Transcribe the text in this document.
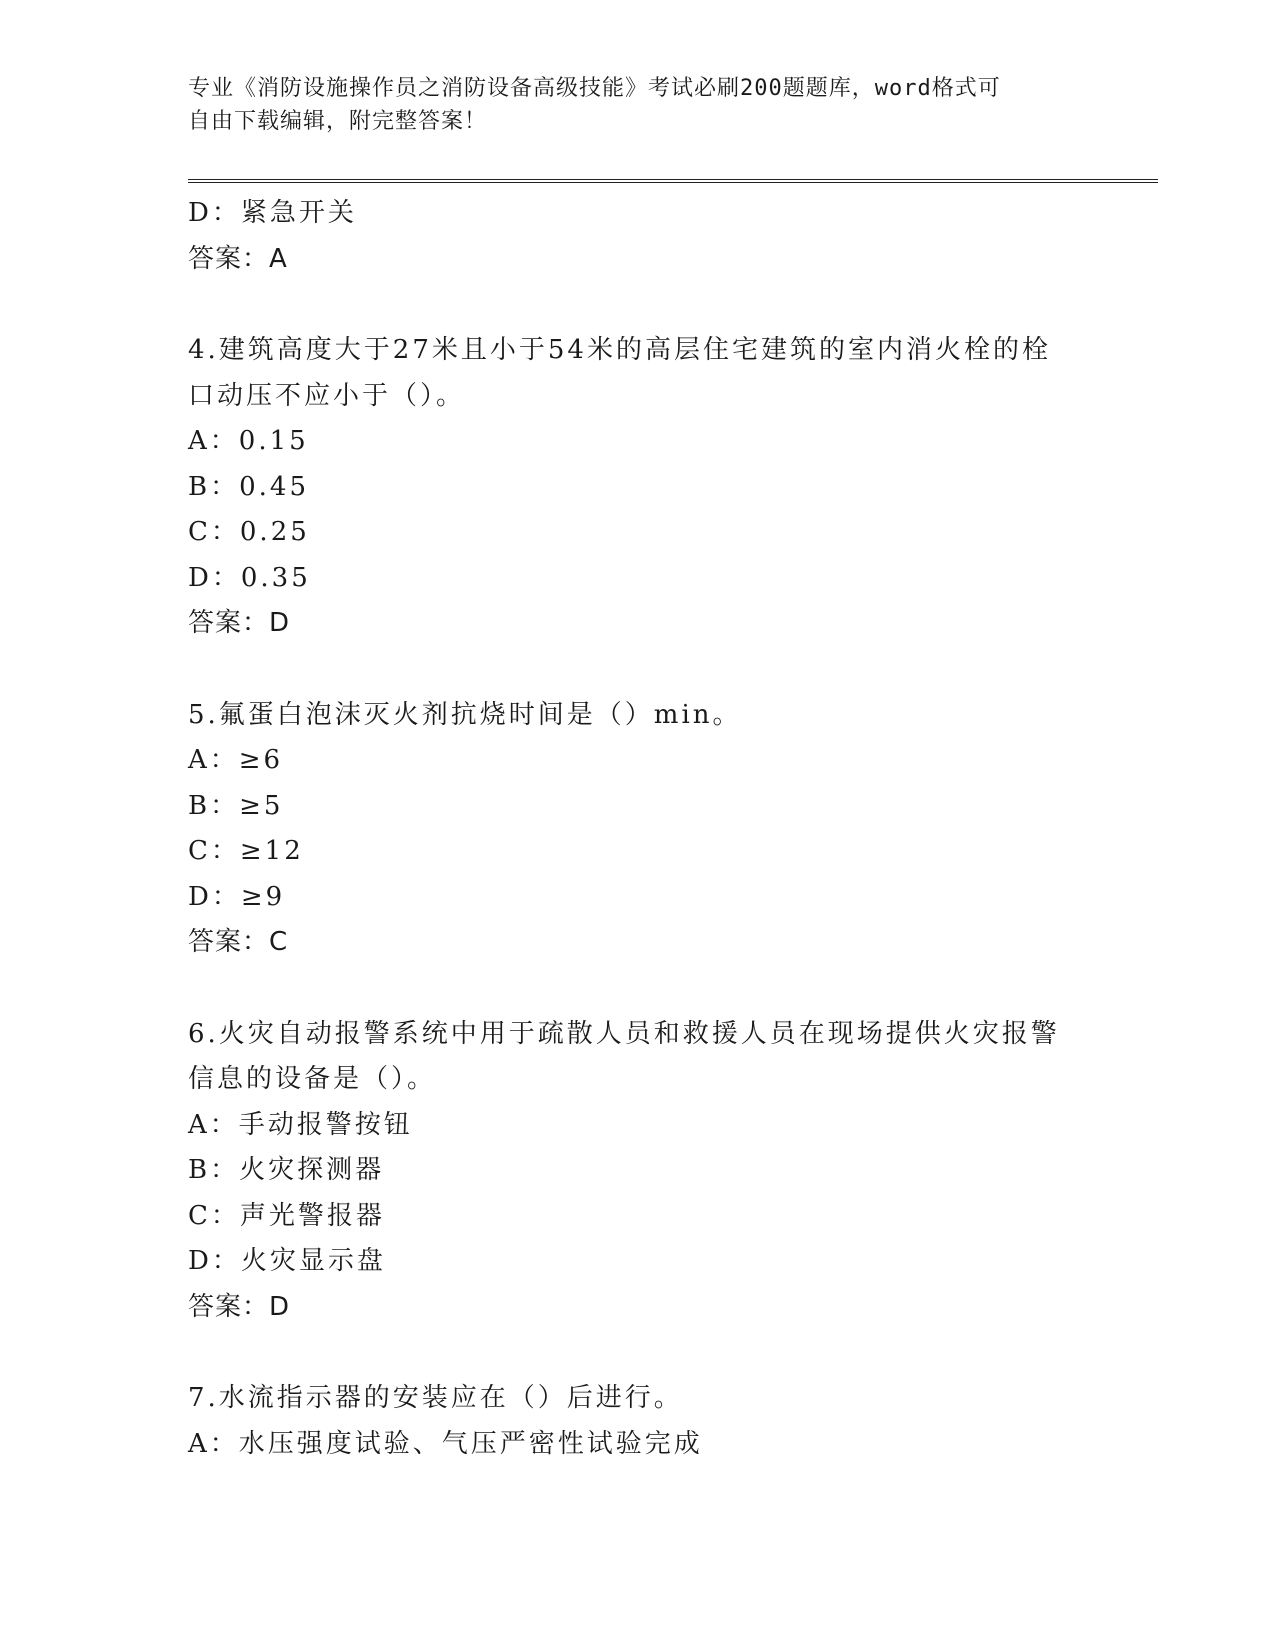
专业《消防设施操作员之消防设备高级技能》考试必刷200题题库，word格式可
自由下载编辑，附完整答案！
D：紧急开关
答案：A
4.建筑高度大于27米且小于54米的高层住宅建筑的室内消火栓的栓
口动压不应小于（）。
A：0.15
B：0.45
C：0.25
D：0.35
答案：D
5.氟蛋白泡沫灭火剂抗烧时间是（）min。
A：≥6
B：≥5
C：≥12
D：≥9
答案：C
6.火灾自动报警系统中用于疏散人员和救援人员在现场提供火灾报警
信息的设备是（）。
A：手动报警按钮
B：火灾探测器
C：声光警报器
D：火灾显示盘
答案：D
7.水流指示器的安装应在（）后进行。
A：水压强度试验、气压严密性试验完成
